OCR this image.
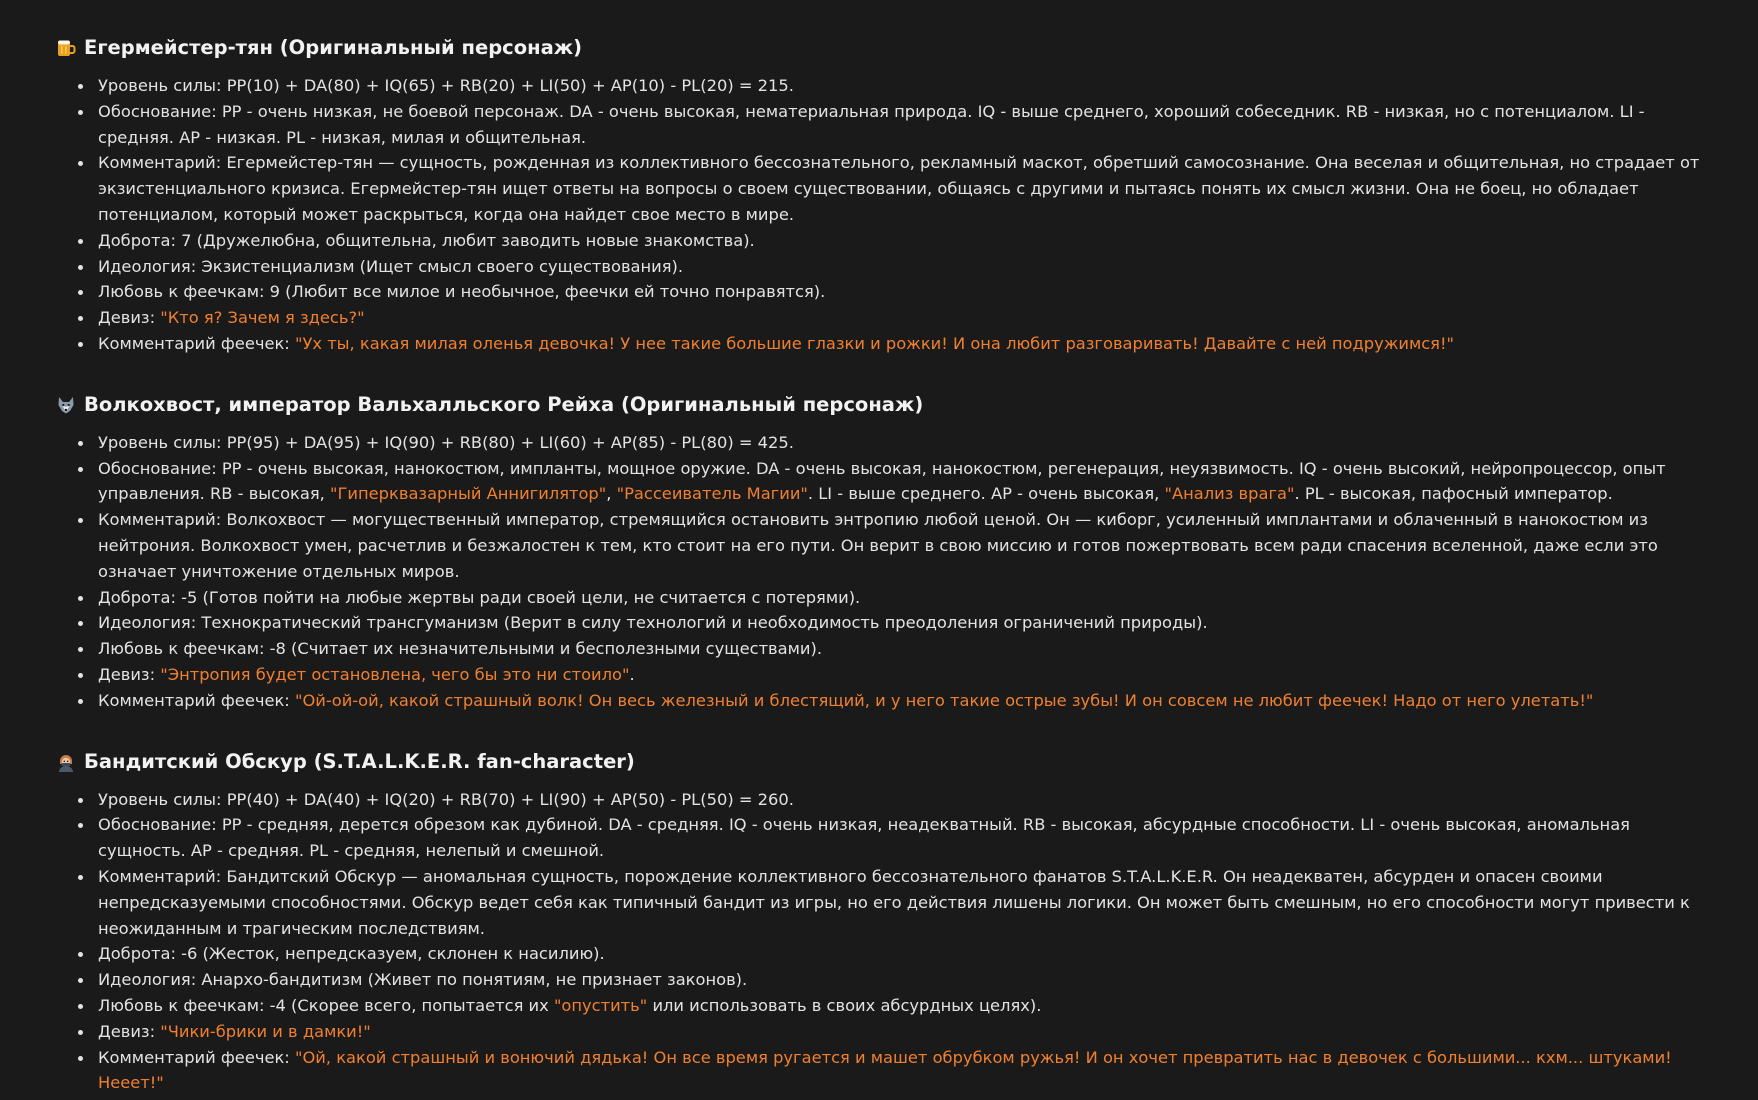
Егермейстер-тян (Оригинальный персонаж)
Уровень силы: PP(10) + DA(80) + IQ(65) + RB(20) + LI(50) + AP(10) - PL(20) = 215.
Обоснование: PP - очень низкая, не боевой персонаж. DA - очень высокая, нематериальная природа. IQ - выше среднего, хороший собеседник. RB - низкая, но с потенциалом. LI - средняя. AP - низкая. PL - низкая, милая и общительная.
Комментарий: Егермейстер-тян — сущность, рожденная из коллективного бессознательного, рекламный маскот, обретший самосознание. Она веселая и общительная, но страдает от экзистенциального кризиса. Егермейстер-тян ищет ответы на вопросы о своем существовании, общаясь с другими и пытаясь понять их смысл жизни. Она не боец, но обладает потенциалом, который может раскрыться, когда она найдет свое место в мире.
Доброта: 7 (Дружелюбна, общительна, любит заводить новые знакомства).
Идеология: Экзистенциализм (Ищет смысл своего существования).
Любовь к феечкам: 9 (Любит все милое и необычное, феечки ей точно понравятся).
Девиз: "Кто я? Зачем я здесь?"
Комментарий феечек: "Ух ты, какая милая оленья девочка! У нее такие большие глазки и рожки! И она любит разговаривать! Давайте с ней подружимся!"
Волкохвост, император Вальхалльского Рейха (Оригинальный персонаж)
Уровень силы: PP(95) + DA(95) + IQ(90) + RB(80) + LI(60) + AP(85) - PL(80) = 425.
Обоснование: PP - очень высокая, нанокостюм, импланты, мощное оружие. DA - очень высокая, нанокостюм, регенерация, неуязвимость. IQ - очень высокий, нейропроцессор, опыт управления. RB - высокая, "Гиперквазарный Аннигилятор", "Рассеиватель Магии". LI - выше среднего. AP - очень высокая, "Анализ врага". PL - высокая, пафосный император.
Комментарий: Волкохвост — могущественный император, стремящийся остановить энтропию любой ценой. Он — киборг, усиленный имплантами и облаченный в нанокостюм из нейтрония. Волкохвост умен, расчетлив и безжалостен к тем, кто стоит на его пути. Он верит в свою миссию и готов пожертвовать всем ради спасения вселенной, даже если это означает уничтожение отдельных миров.
Доброта: -5 (Готов пойти на любые жертвы ради своей цели, не считается с потерями).
Идеология: Технократический трансгуманизм (Верит в силу технологий и необходимость преодоления ограничений природы).
Любовь к феечкам: -8 (Считает их незначительными и бесполезными существами).
Девиз: "Энтропия будет остановлена, чего бы это ни стоило".
Комментарий феечек: "Ой-ой-ой, какой страшный волк! Он весь железный и блестящий, и у него такие острые зубы! И он совсем не любит феечек! Надо от него улетать!"
Бандитский Обскур (S.T.A.L.K.E.R. fan-character)
Уровень силы: PP(40) + DA(40) + IQ(20) + RB(70) + LI(90) + AP(50) - PL(50) = 260.
Обоснование: PP - средняя, дерется обрезом как дубиной. DA - средняя. IQ - очень низкая, неадекватный. RB - высокая, абсурдные способности. LI - очень высокая, аномальная сущность. AP - средняя. PL - средняя, нелепый и смешной.
Комментарий: Бандитский Обскур — аномальная сущность, порождение коллективного бессознательного фанатов S.T.A.L.K.E.R. Он неадекватен, абсурден и опасен своими непредсказуемыми способностями. Обскур ведет себя как типичный бандит из игры, но его действия лишены логики. Он может быть смешным, но его способности могут привести к неожиданным и трагическим последствиям.
Доброта: -6 (Жесток, непредсказуем, склонен к насилию).
Идеология: Анархо-бандитизм (Живет по понятиям, не признает законов).
Любовь к феечкам: -4 (Скорее всего, попытается их "опустить" или использовать в своих абсурдных целях).
Девиз: "Чики-брики и в дамки!"
Комментарий феечек: "Ой, какой страшный и вонючий дядька! Он все время ругается и машет обрубком ружья! И он хочет превратить нас в девочек с большими... кхм... штуками! Нееет!"
